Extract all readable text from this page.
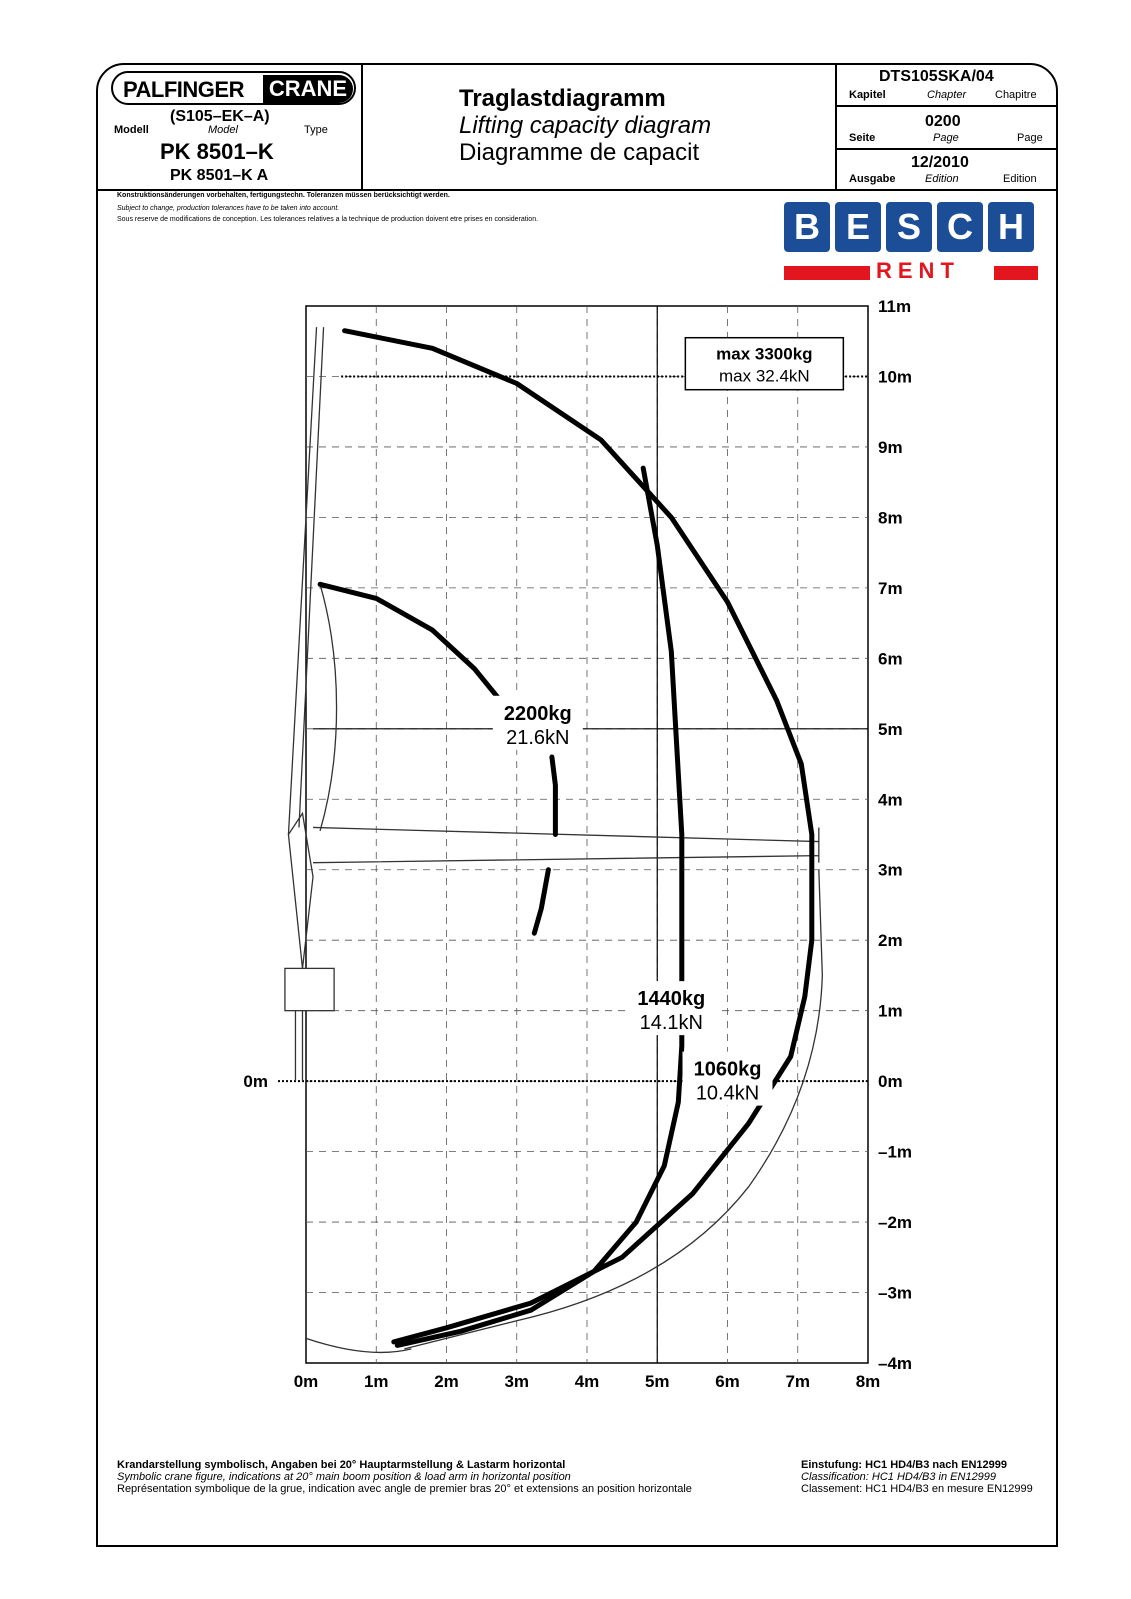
PALFINGER CRANE
(S105–EK–A)
Modell	Model	Type
PK 8501–K
PK 8501–K A
Traglastdiagramm
Lifting capacity diagram
Diagramme de capacit
DTS105SKA/04
Kapitel	Chapter	Chapitre
0200
Seite	Page	Page
12/2010
Ausgabe	Edition	Edition
Konstruktionsänderungen vorbehalten, fertigungstechn. Toleranzen müssen berücksichtigt werden.
Subject to change, production tolerances have to be taken into account.
Sous reserve de modifications de conception. Les tolerances relatives a la technique de production doivent etre prises en consideration.	B E S C H
RENT
0m	1m	2m	3m	4m	5m	6m	7m	8m
–4m
–3m
–2m
–1m
0m
1m
2m
3m
4m
5m
6m
7m
8m
9m
10m
11m
0m
2200kg
21.6kN
1440kg
14.1kN
1060kg
10.4kN
max 3300kg
max 32.4kN
Krandarstellung symbolisch, Angaben bei 20° Hauptarmstellung & Lastarm horizontal
Symbolic crane figure, indications at 20° main boom position & load arm in horizontal position
Représentation symbolique de la grue, indication avec angle de premier bras 20° et extensions an position horizontale
Einstufung: HC1 HD4/B3 nach EN12999
Classification: HC1 HD4/B3 in EN12999
Classement: HC1 HD4/B3 en mesure EN12999
